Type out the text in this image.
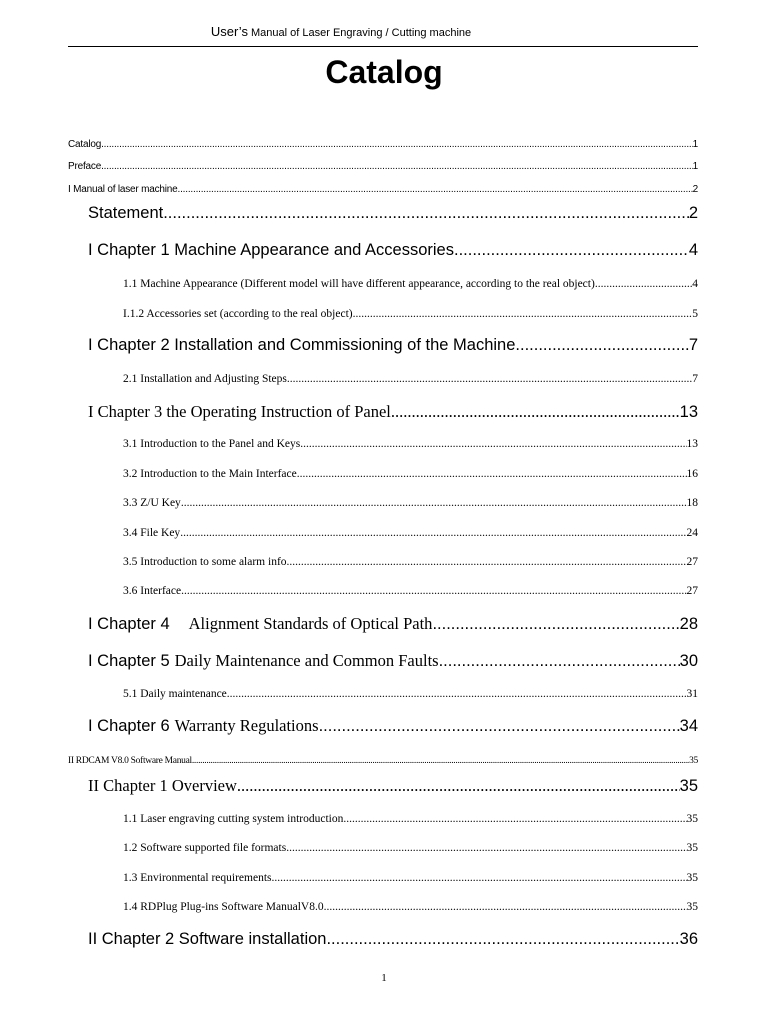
User’s Manual of Laser Engraving / Cutting machine
Catalog
Catalog .....	1
Preface .....	1
I Manual of laser machine .....	2
Statement .....	2
I Chapter 1 Machine Appearance and Accessories .....	4
1.1 Machine Appearance (Different model will have different appearance, according to the real object) .....	4
I.1.2 Accessories set (according to the real object) .....	5
I Chapter 2 Installation and Commissioning of the Machine .....	7
2.1 Installation and Adjusting Steps .....	7
I Chapter 3 the Operating Instruction of Panel .....	13
3.1 Introduction to the Panel and Keys .....	13
3.2 Introduction to the Main Interface .....	16
3.3 Z/U Key .....	18
3.4 File Key .....	24
3.5 Introduction to some alarm info .....	27
3.6 Interface .....	27
I Chapter 4	Alignment Standards of Optical Path .....	28
I Chapter 5 Daily Maintenance and Common Faults .....	30
5.1 Daily maintenance .....	31
I Chapter 6 Warranty Regulations .....	34
II RDCAM V8.0 Software Manual .....	35
II Chapter 1 Overview .....	35
1.1 Laser engraving cutting system introduction .....	35
1.2 Software supported file formats .....	35
1.3 Environmental requirements .....	35
1.4 RDPlug Plug-ins Software ManualV8.0 .....	35
II Chapter 2 Software installation .....	36
1
